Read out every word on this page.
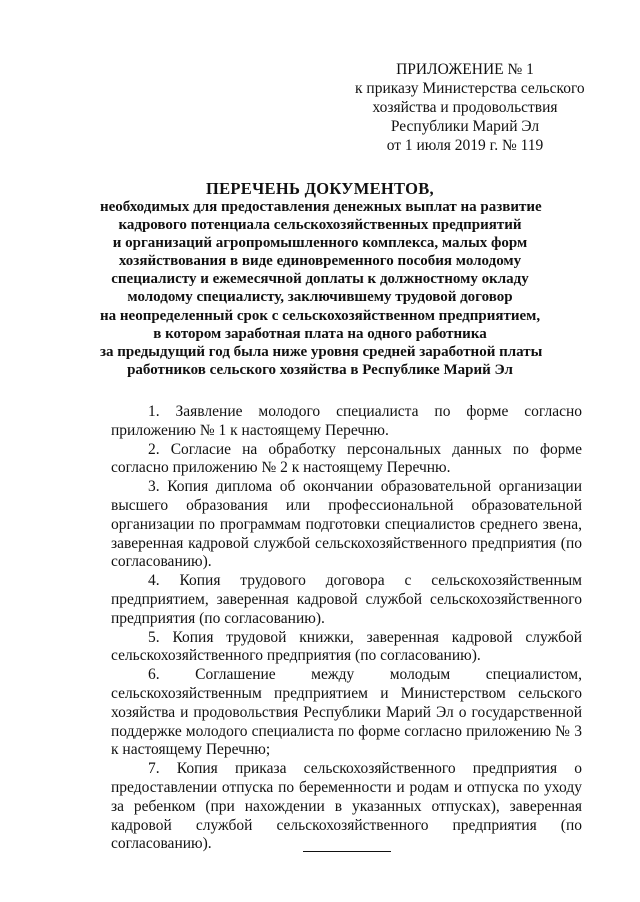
ПРИЛОЖЕНИЕ № 1
к приказу Министерства сельского
хозяйства и продовольствия
Республики Марий Эл
от 1 июля 2019 г. № 119
ПЕРЕЧЕНЬ ДОКУМЕНТОВ,
необходимых для предоставления денежных выплат на развитие
кадрового потенциала сельскохозяйственных предприятий
и организаций агропромышленного комплекса, малых форм
хозяйствования в виде единовременного пособия молодому
специалисту и ежемесячной доплаты к должностному окладу
молодому специалисту, заключившему трудовой договор
на неопределенный срок с сельскохозяйственном предприятием,
в котором заработная плата на одного работника
за предыдущий год была ниже уровня средней заработной платы
работников сельского хозяйства в Республике Марий Эл

1. Заявление молодого специалиста по форме согласно приложению № 1 к настоящему Перечню.

2. Согласие на обработку персональных данных по форме согласно приложению № 2 к настоящему Перечню.

3. Копия диплома об окончании образовательной организации высшего образования или профессиональной образовательной организации по программам подготовки специалистов среднего звена, заверенная кадровой службой сельскохозяйственного предприятия (по согласованию).

4. Копия трудового договора с сельскохозяйственным предприятием, заверенная кадровой службой сельскохозяйственного предприятия (по согласованию).

5. Копия трудовой книжки, заверенная кадровой службой сельскохозяйственного предприятия (по согласованию).

6. Соглашение между молодым специалистом, сельскохозяйственным предприятием и Министерством сельского хозяйства и продовольствия Республики Марий Эл о государственной поддержке молодого специалиста по форме согласно приложению № 3 к настоящему Перечню;

7. Копия приказа сельскохозяйственного предприятия о предоставлении отпуска по беременности и родам и отпуска по уходу за ребенком (при нахождении в указанных отпусках), заверенная кадровой службой сельскохозяйственного предприятия (по согласованию).
